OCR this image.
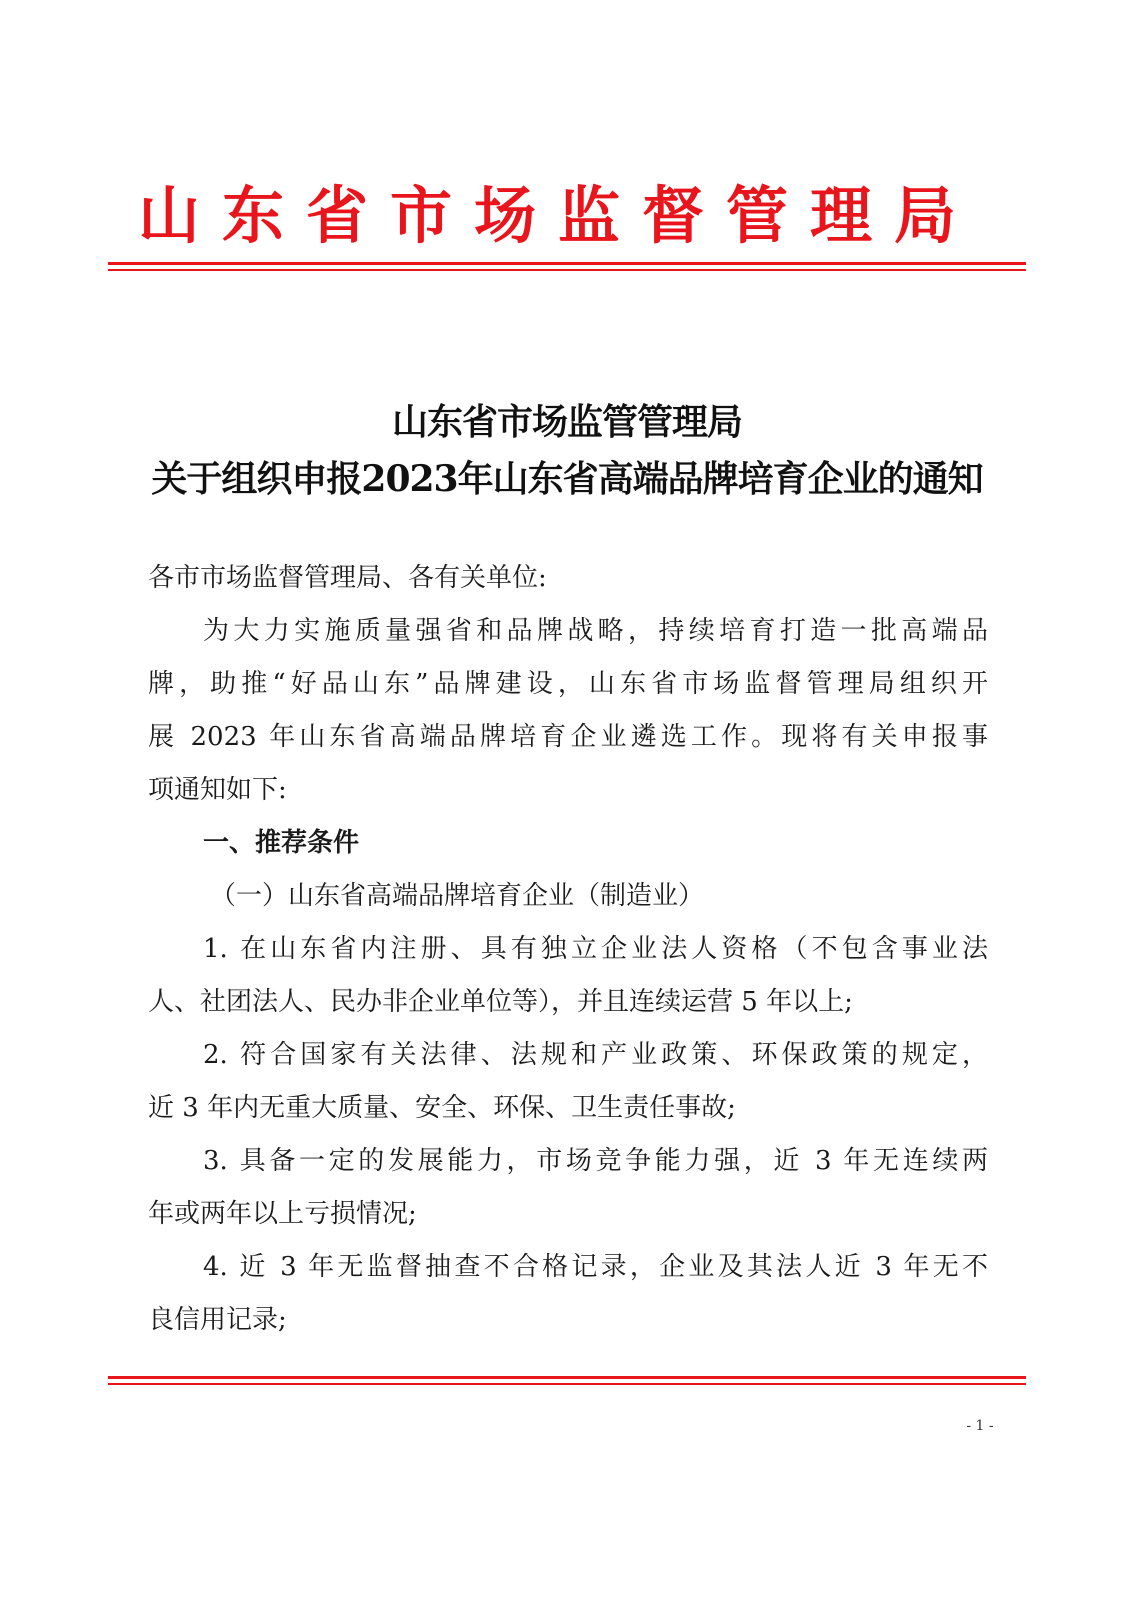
山东省市场监督管理局
山东省市场监管管理局
关于组织申报2023年山东省高端品牌培育企业的通知
各市市场监督管理局、各有关单位:
为大力实施质量强省和品牌战略，持续培育打造一批高端品
牌，助推“好品山东”品牌建设，山东省市场监督管理局组织开
展 2023 年山东省高端品牌培育企业遴选工作。现将有关申报事
项通知如下:
一、推荐条件
（一）山东省高端品牌培育企业（制造业）
1. 在山东省内注册、具有独立企业法人资格（不包含事业法
人、社团法人、民办非企业单位等），并且连续运营 5 年以上;
2. 符合国家有关法律、法规和产业政策、环保政策的规定，
近 3 年内无重大质量、安全、环保、卫生责任事故;
3. 具备一定的发展能力，市场竞争能力强，近 3 年无连续两
年或两年以上亏损情况;
4. 近 3 年无监督抽查不合格记录，企业及其法人近 3 年无不
良信用记录;
- 1 -
